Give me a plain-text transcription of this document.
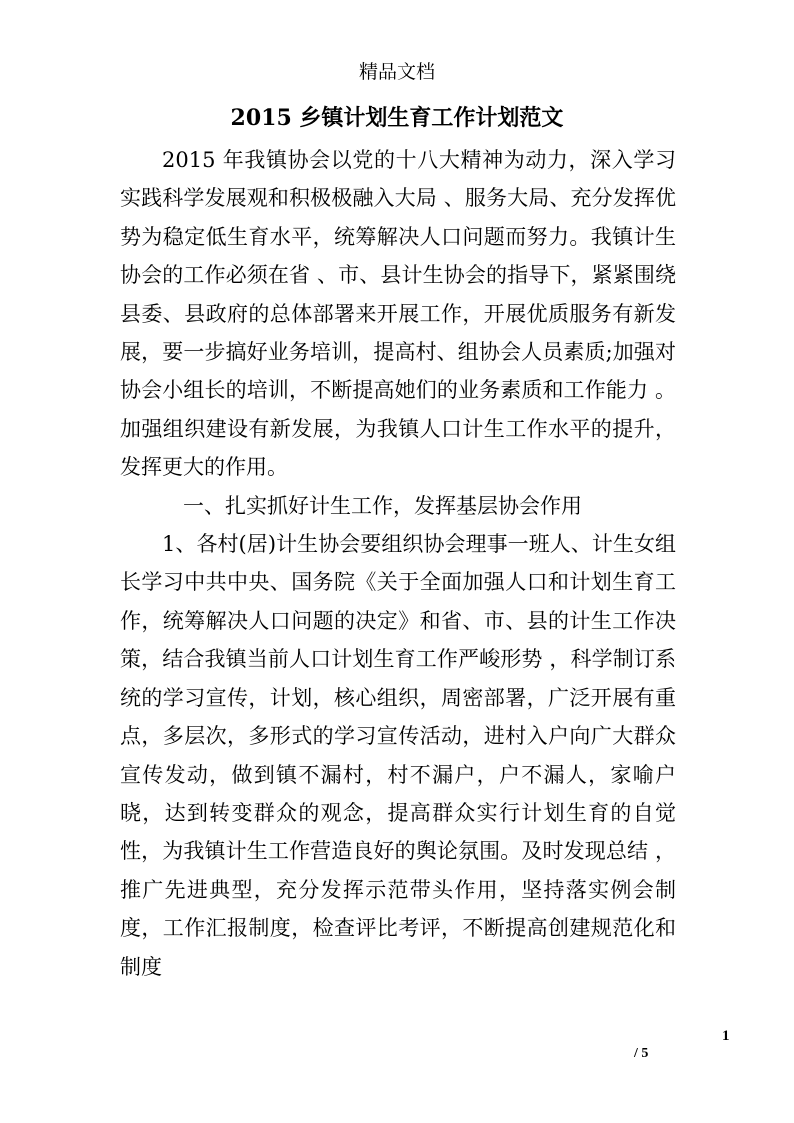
精品文档
2015 乡镇计划生育工作计划范文

2015 年我镇协会以党的十八大精神为动力，深入学习实践科学发展观和积极极融入大局 、服务大局、充分发挥优势为稳定低生育水平，统筹解决人口问题而努力。我镇计生协会的工作必须在省 、市、县计生协会的指导下，紧紧围绕县委、县政府的总体部署来开展工作，开展优质服务有新发展，要一步搞好业务培训，提高村、组协会人员素质;加强对协会小组长的培训，不断提高她们的业务素质和工作能力 。加强组织建设有新发展，为我镇人口计生工作水平的提升，发挥更大的作用。

一、扎实抓好计生工作，发挥基层协会作用

1、各村(居)计生协会要组织协会理事一班人、计生女组长学习中共中央、国务院《关于全面加强人口和计划生育工作，统筹解决人口问题的决定》和省、市、县的计生工作决策，结合我镇当前人口计划生育工作严峻形势 ，科学制订系统的学习宣传，计划，核心组织，周密部署，广泛开展有重点，多层次，多形式的学习宣传活动，进村入户向广大群众宣传发动，做到镇不漏村，村不漏户，户不漏人，家喻户晓，达到转变群众的观念，提高群众实行计划生育的自觉性，为我镇计生工作营造良好的舆论氛围。及时发现总结 ，推广先进典型，充分发挥示范带头作用，坚持落实例会制度，工作汇报制度，检查评比考评，不断提高创建规范化和制度

1
/ 5
